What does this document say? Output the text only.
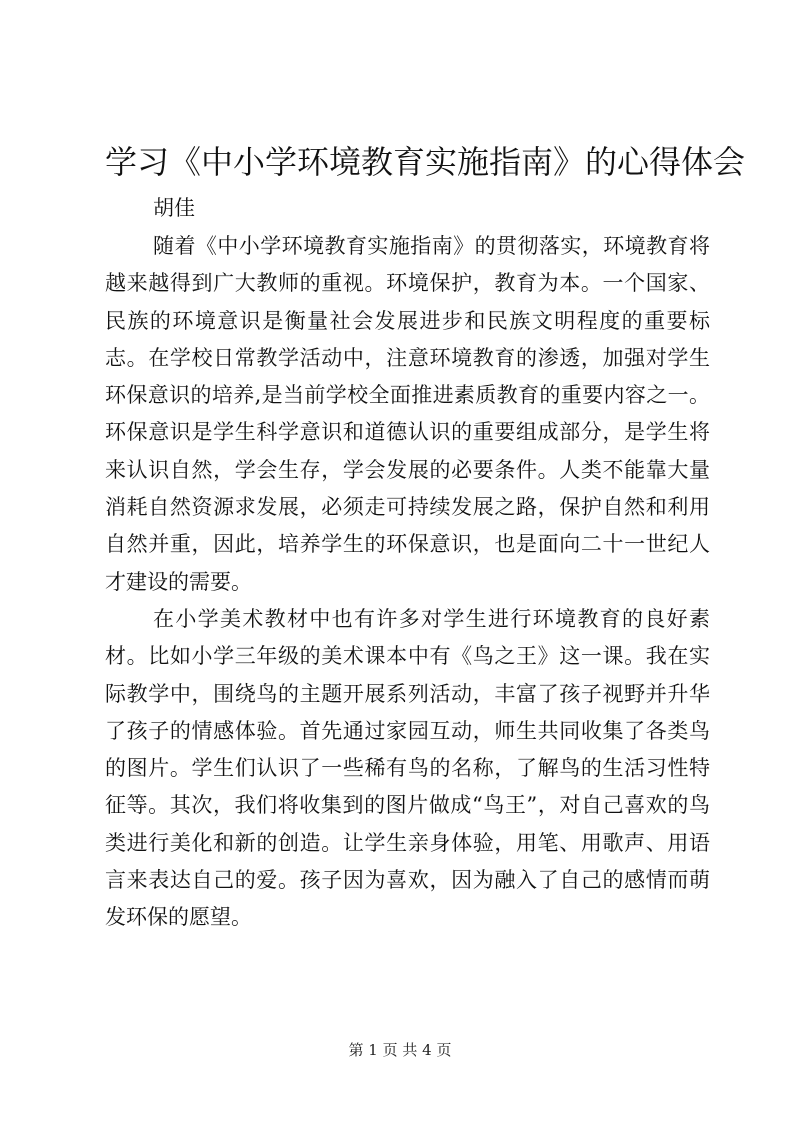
学习《中小学环境教育实施指南》的心得体会

胡佳

随着《中小学环境教育实施指南》的贯彻落实，环境教育将越来越得到广大教师的重视。环境保护，教育为本。一个国家、民族的环境意识是衡量社会发展进步和民族文明程度的重要标志。在学校日常教学活动中，注意环境教育的渗透，加强对学生环保意识的培养,是当前学校全面推进素质教育的重要内容之一。环保意识是学生科学意识和道德认识的重要组成部分，是学生将来认识自然，学会生存，学会发展的必要条件。人类不能靠大量消耗自然资源求发展，必须走可持续发展之路，保护自然和利用自然并重，因此，培养学生的环保意识，也是面向二十一世纪人才建设的需要。

在小学美术教材中也有许多对学生进行环境教育的良好素材。比如小学三年级的美术课本中有《鸟之王》这一课。我在实际教学中，围绕鸟的主题开展系列活动，丰富了孩子视野并升华了孩子的情感体验。首先通过家园互动，师生共同收集了各类鸟的图片。学生们认识了一些稀有鸟的名称，了解鸟的生活习性特征等。其次，我们将收集到的图片做成“鸟王”，对自己喜欢的鸟类进行美化和新的创造。让学生亲身体验，用笔、用歌声、用语言来表达自己的爱。孩子因为喜欢，因为融入了自己的感情而萌发环保的愿望。

第 1 页 共 4 页
